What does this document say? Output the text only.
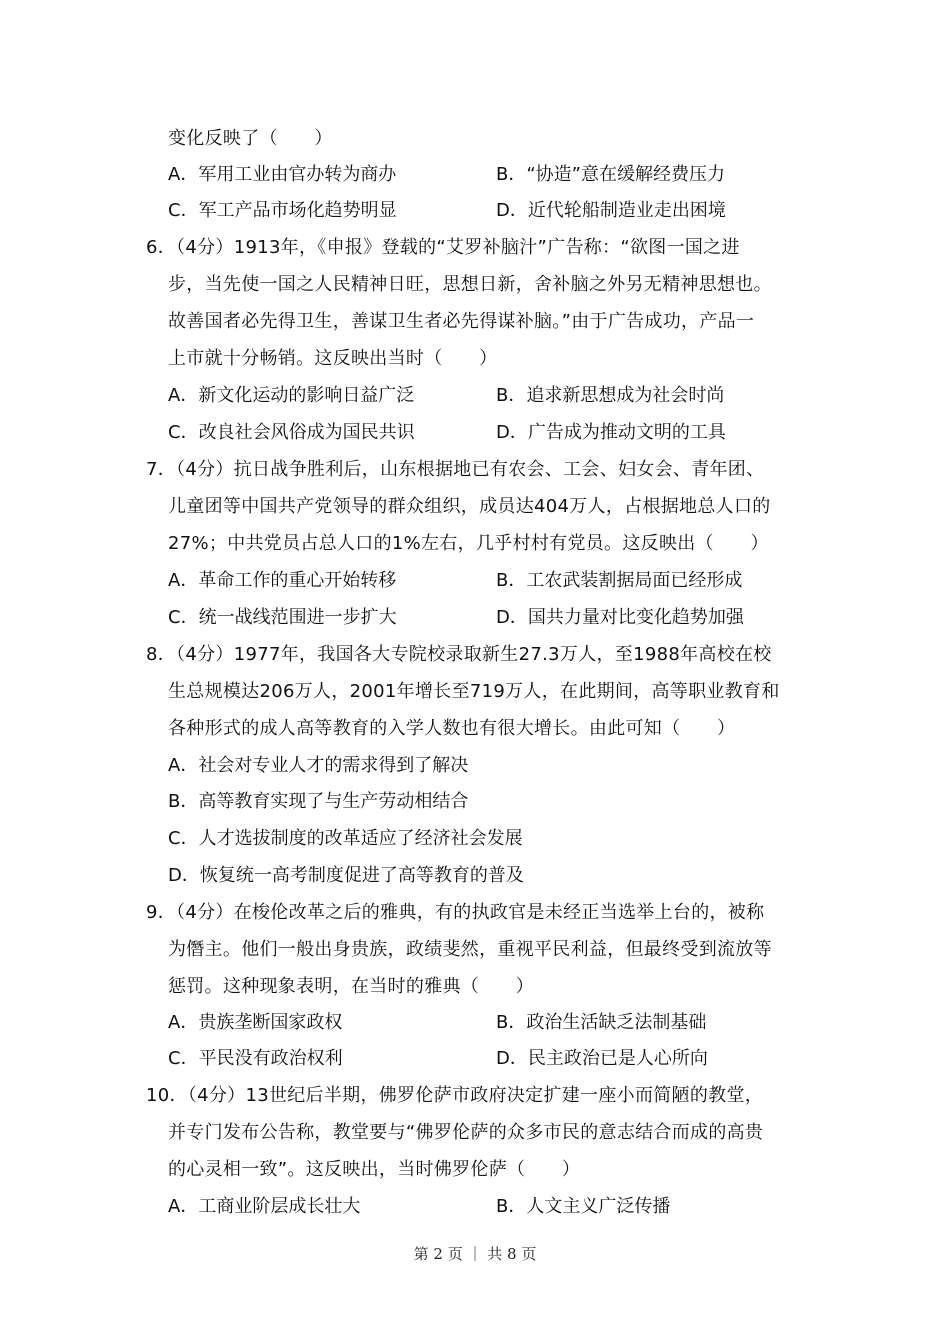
变化反映了（　　）
A．军用工业由官办转为商办	B．“协造”意在缓解经费压力
C．军工产品市场化趋势明显	D．近代轮船制造业走出困境
6．（4分）1913年，《申报》登载的“艾罗补脑汁”广告称：“欲图一国之进
步，当先使一国之人民精神日旺，思想日新，舍补脑之外另无精神思想也。
故善国者必先得卫生，善谋卫生者必先得谋补脑。”由于广告成功，产品一
上市就十分畅销。这反映出当时（　　）
A．新文化运动的影响日益广泛	B．追求新思想成为社会时尚
C．改良社会风俗成为国民共识	D．广告成为推动文明的工具
7．（4分）抗日战争胜利后，山东根据地已有农会、工会、妇女会、青年团、
儿童团等中国共产党领导的群众组织，成员达404万人，占根据地总人口的
27%；中共党员占总人口的1%左右，几乎村村有党员。这反映出（　　）
A．革命工作的重心开始转移	B．工农武装割据局面已经形成
C．统一战线范围进一步扩大	D．国共力量对比变化趋势加强
8．（4分）1977年，我国各大专院校录取新生27.3万人，至1988年高校在校
生总规模达206万人，2001年增长至719万人，在此期间，高等职业教育和
各种形式的成人高等教育的入学人数也有很大增长。由此可知（　　）
A．社会对专业人才的需求得到了解决
B．高等教育实现了与生产劳动相结合
C．人才选拔制度的改革适应了经济社会发展
D．恢复统一高考制度促进了高等教育的普及
9．（4分）在梭伦改革之后的雅典，有的执政官是未经正当选举上台的，被称
为僭主。他们一般出身贵族，政绩斐然，重视平民利益，但最终受到流放等
惩罚。这种现象表明，在当时的雅典（　　）
A．贵族垄断国家政权	B．政治生活缺乏法制基础
C．平民没有政治权利	D．民主政治已是人心所向
10．（4分）13世纪后半期，佛罗伦萨市政府决定扩建一座小而简陋的教堂，
并专门发布公告称，教堂要与“佛罗伦萨的众多市民的意志结合而成的高贵
的心灵相一致”。这反映出，当时佛罗伦萨（　　）
A．工商业阶层成长壮大	B．人文主义广泛传播
第 2 页 ｜ 共 8 页
